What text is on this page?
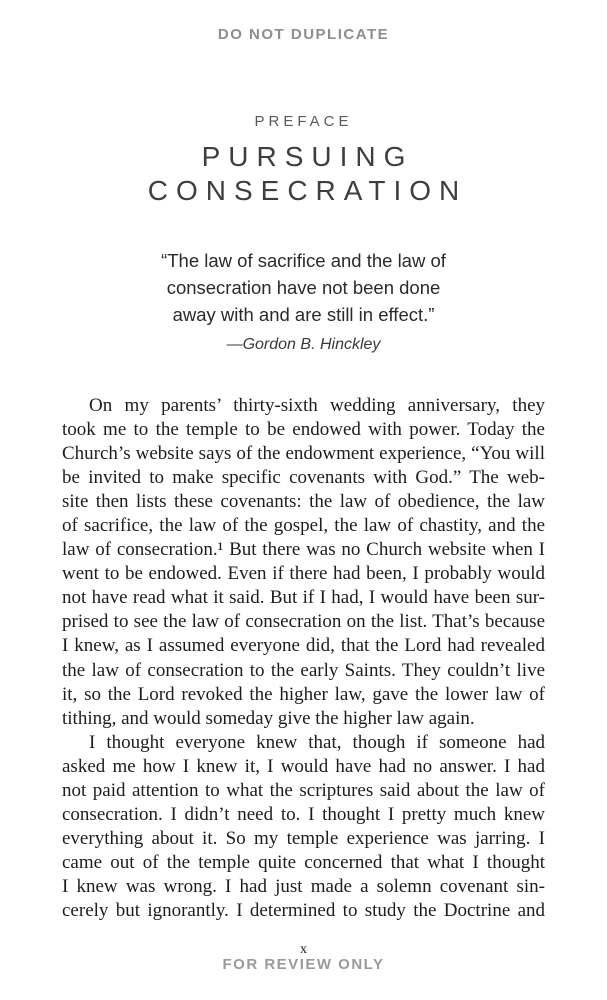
DO NOT DUPLICATE
PREFACE
PURSUING
CONSECRATION
“The law of sacrifice and the law of
consecration have not been done
away with and are still in effect.”
—Gordon B. Hinckley
On my parents’ thirty-sixth wedding anniversary, they
took me to the temple to be endowed with power. Today the
Church’s website says of the endowment experience, “You will
be invited to make specific covenants with God.” The web-
site then lists these covenants: the law of obedience, the law
of sacrifice, the law of the gospel, the law of chastity, and the
law of consecration.¹ But there was no Church website when I
went to be endowed. Even if there had been, I probably would
not have read what it said. But if I had, I would have been sur-
prised to see the law of consecration on the list. That’s because
I knew, as I assumed everyone did, that the Lord had revealed
the law of consecration to the early Saints. They couldn’t live
it, so the Lord revoked the higher law, gave the lower law of
tithing, and would someday give the higher law again.
I thought everyone knew that, though if someone had
asked me how I knew it, I would have had no answer. I had
not paid attention to what the scriptures said about the law of
consecration. I didn’t need to. I thought I pretty much knew
everything about it. So my temple experience was jarring. I
came out of the temple quite concerned that what I thought
I knew was wrong. I had just made a solemn covenant sin-
cerely but ignorantly. I determined to study the Doctrine and
x
FOR REVIEW ONLY
